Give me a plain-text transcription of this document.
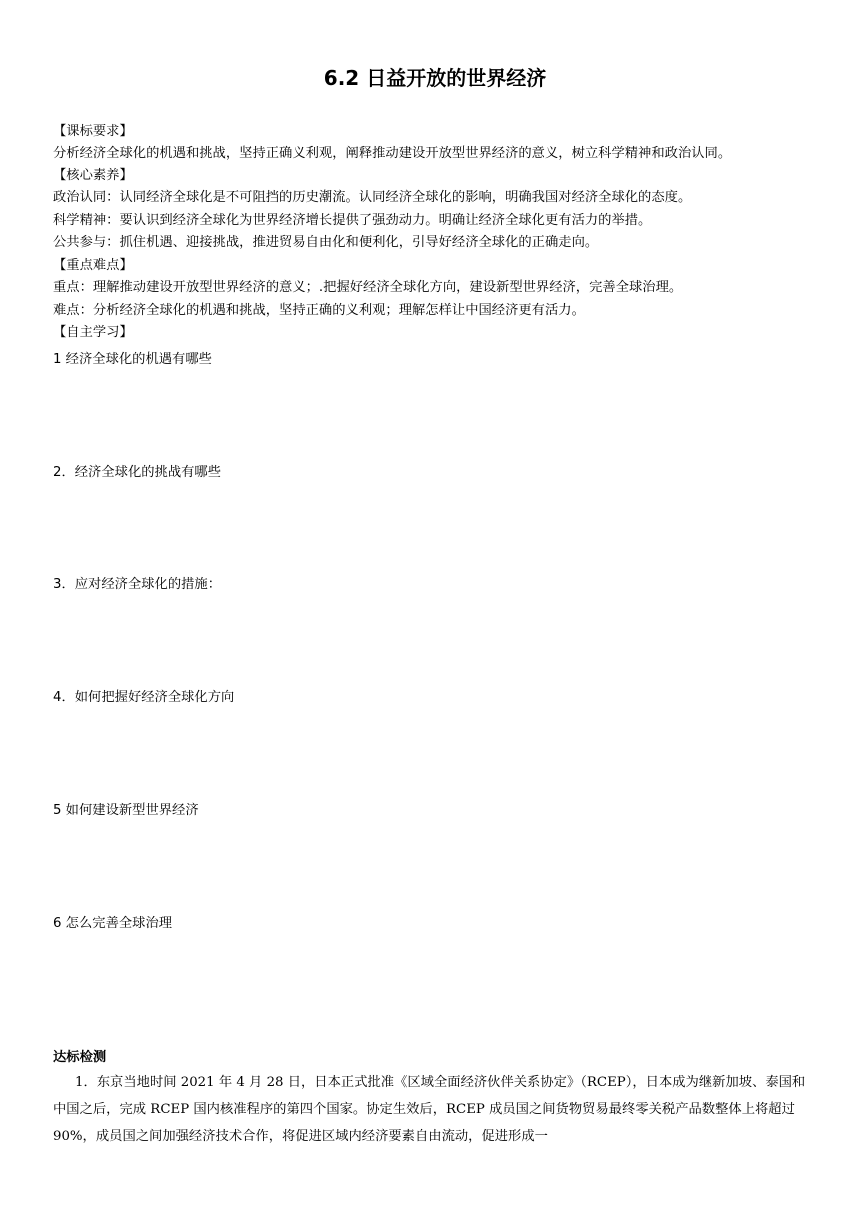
6.2 日益开放的世界经济
【课标要求】
分析经济全球化的机遇和挑战，坚持正确义利观，阐释推动建设开放型世界经济的意义，树立科学精神和政治认同。
【核心素养】
政治认同：认同经济全球化是不可阻挡的历史潮流。认同经济全球化的影响，明确我国对经济全球化的态度。
科学精神：要认识到经济全球化为世界经济增长提供了强劲动力。明确让经济全球化更有活力的举措。
公共参与：抓住机遇、迎接挑战，推进贸易自由化和便利化，引导好经济全球化的正确走向。
【重点难点】
重点：理解推动建设开放型世界经济的意义；.把握好经济全球化方向，建设新型世界经济，完善全球治理。
难点：分析经济全球化的机遇和挑战，坚持正确的义利观；理解怎样让中国经济更有活力。
【自主学习】
1 经济全球化的机遇有哪些
2．经济全球化的挑战有哪些
3．应对经济全球化的措施：
4．如何把握好经济全球化方向
5 如何建设新型世界经济
6 怎么完善全球治理
达标检测
1．东京当地时间 2021 年 4 月 28 日，日本正式批准《区域全面经济伙伴关系协定》（RCEP），日本成为继新加坡、泰国和中国之后，完成 RCEP 国内核准程序的第四个国家。协定生效后，RCEP 成员国之间货物贸易最终零关税产品数整体上将超过 90%，成员国之间加强经济技术合作，将促进区域内经济要素自由流动，促进形成一
